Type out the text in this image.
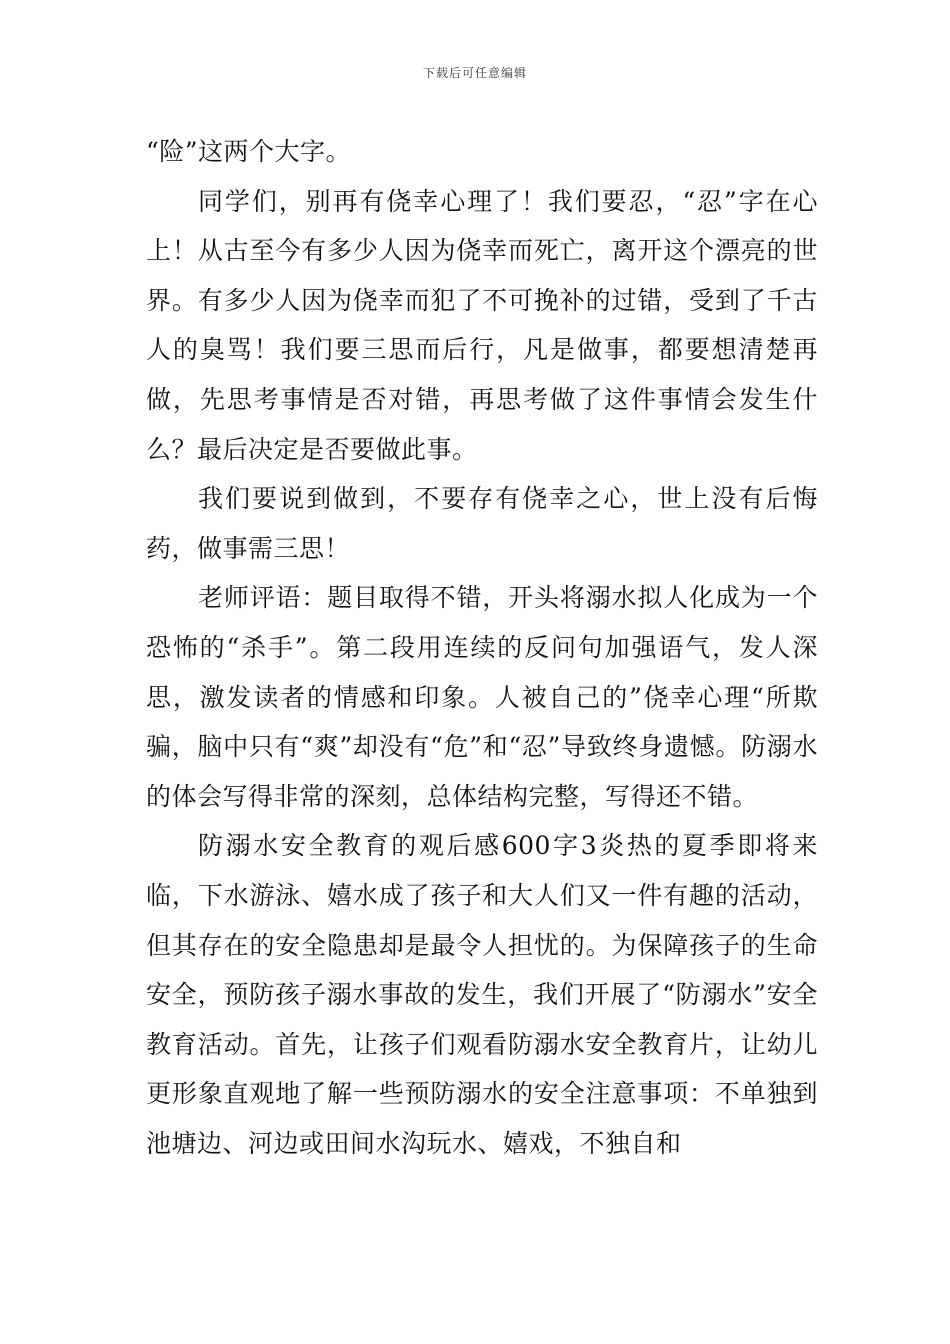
下载后可任意编辑

“险”这两个大字。

同学们，别再有侥幸心理了！我们要忍，“忍”字在心上！从古至今有多少人因为侥幸而死亡，离开这个漂亮的世界。有多少人因为侥幸而犯了不可挽补的过错，受到了千古人的臭骂！我们要三思而后行，凡是做事，都要想清楚再做，先思考事情是否对错，再思考做了这件事情会发生什么？最后决定是否要做此事。

我们要说到做到，不要存有侥幸之心，世上没有后悔药，做事需三思！

老师评语：题目取得不错，开头将溺水拟人化成为一个恐怖的“杀手”。第二段用连续的反问句加强语气，发人深思，激发读者的情感和印象。人被自己的”侥幸心理“所欺骗，脑中只有“爽”却没有“危”和“忍”导致终身遗憾。防溺水的体会写得非常的深刻，总体结构完整，写得还不错。

防溺水安全教育的观后感600字3炎热的夏季即将来临，下水游泳、嬉水成了孩子和大人们又一件有趣的活动，但其存在的安全隐患却是最令人担忧的。为保障孩子的生命安全，预防孩子溺水事故的发生，我们开展了“防溺水”安全教育活动。首先，让孩子们观看防溺水安全教育片，让幼儿更形象直观地了解一些预防溺水的安全注意事项：不单独到池塘边、河边或田间水沟玩水、嬉戏，不独自和
